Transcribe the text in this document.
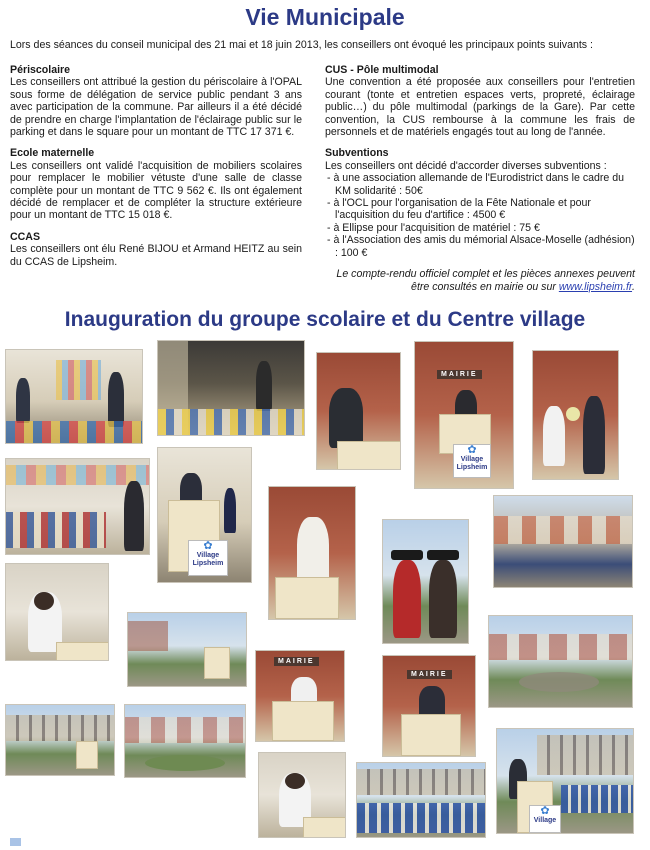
Vie Municipale

Lors des séances du conseil municipal des 21 mai et 18 juin 2013, les conseillers ont évoqué les principaux points suivants :

Périscolaire

Les conseillers ont attribué la gestion du périscolaire à l'OPAL sous forme de délégation de service public pendant 3 ans avec participation de la commune. Par ailleurs il a été décidé de prendre en charge l'implantation de l'éclairage public sur le parking et dans le square pour un montant de TTC 17 371 €.

Ecole maternelle

Les conseillers ont validé l'acquisition de mobiliers scolaires pour remplacer le mobilier vétuste d'une salle de classe complète pour un montant de TTC 9 562 €. Ils ont également décidé de remplacer et de compléter la structure extérieure pour un montant de TTC 15 018 €.

CCAS

Les conseillers ont élu René BIJOU et Armand HEITZ au sein du CCAS de Lipsheim.

CUS - Pôle multimodal

Une convention a été proposée aux conseillers pour l'entretien courant (tonte et entretien espaces verts, propreté, éclairage public…) du pôle multimodal (parkings de la Gare). Par cette convention, la CUS rembourse à la commune les frais de personnels et de matériels engagés tout au long de l'année.

Subventions

Les conseillers ont décidé d'accorder diverses subventions :

- à une association allemande de l'Eurodistrict dans le cadre du KM solidarité : 50€
- à l'OCL pour l'organisation de la Fête Nationale et pour l'acquisition du feu d'artifice : 4500 €
- à Ellipse pour l'acquisition de matériel : 75 €
- à l'Association des amis du mémorial Alsace-Moselle (adhésion) : 100 €
Le compte-rendu officiel complet et les pièces annexes peuvent être consultés en mairie ou sur www.lipsheim.fr.
Inauguration du groupe scolaire et du Centre village
MAIRIE
✿
Village
Lipsheim
✿
Village
Lipsheim
MAIRIE
MAIRIE
✿
Village
